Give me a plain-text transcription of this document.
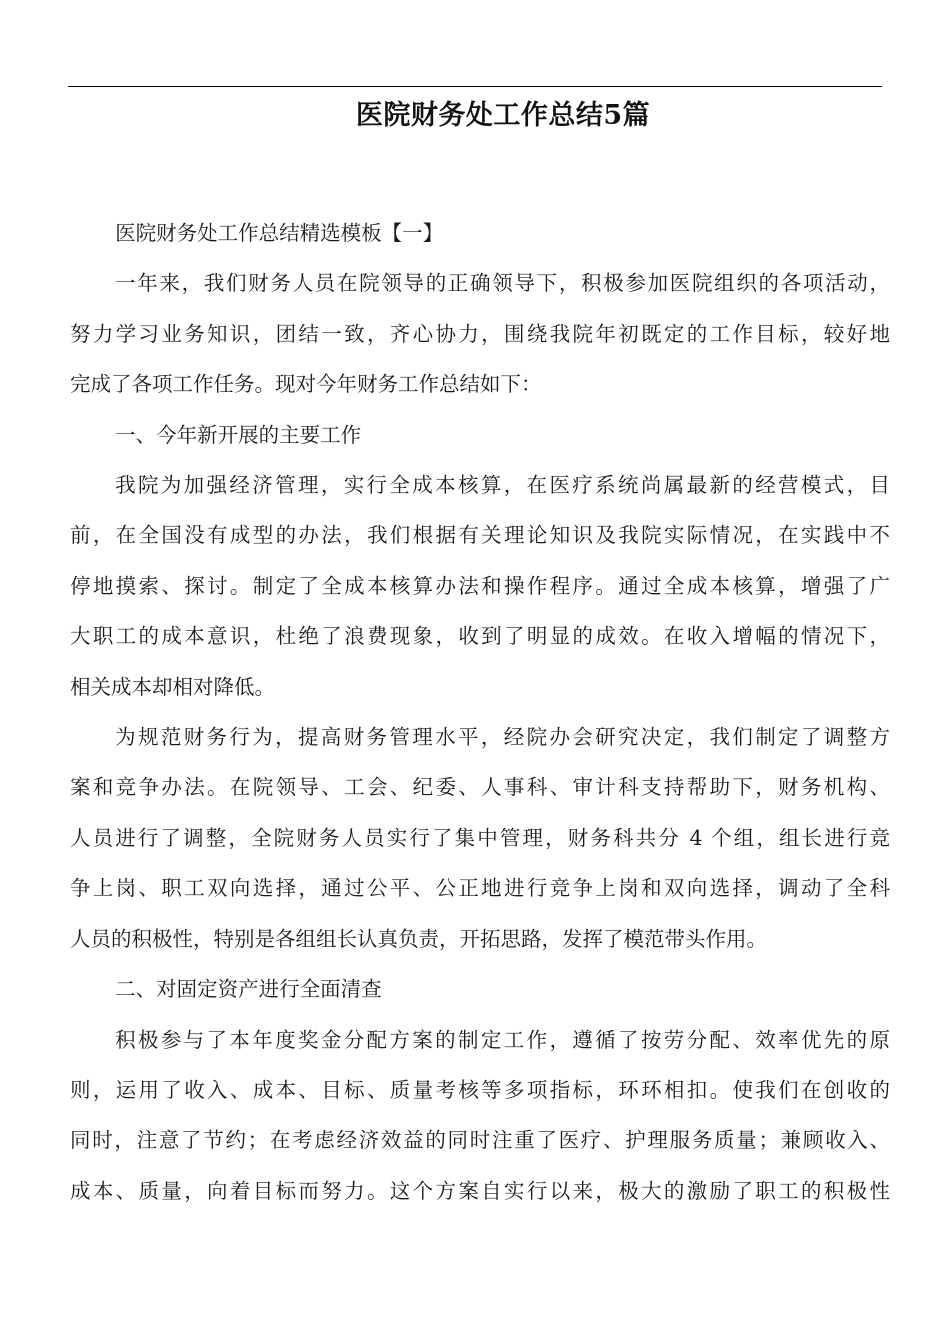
医院财务处工作总结5篇
医院财务处工作总结精选模板【一】
一年来，我们财务人员在院领导的正确领导下，积极参加医院组织的各项活动，
努力学习业务知识，团结一致，齐心协力，围绕我院年初既定的工作目标，较好地
完成了各项工作任务。现对今年财务工作总结如下：
一、今年新开展的主要工作
我院为加强经济管理，实行全成本核算，在医疗系统尚属最新的经营模式，目
前，在全国没有成型的办法，我们根据有关理论知识及我院实际情况，在实践中不
停地摸索、探讨。制定了全成本核算办法和操作程序。通过全成本核算，增强了广
大职工的成本意识，杜绝了浪费现象，收到了明显的成效。在收入增幅的情况下，
相关成本却相对降低。
为规范财务行为，提高财务管理水平，经院办会研究决定，我们制定了调整方
案和竞争办法。在院领导、工会、纪委、人事科、审计科支持帮助下，财务机构、
人员进行了调整，全院财务人员实行了集中管理，财务科共分 4 个组，组长进行竞
争上岗、职工双向选择，通过公平、公正地进行竞争上岗和双向选择，调动了全科
人员的积极性，特别是各组组长认真负责，开拓思路，发挥了模范带头作用。
二、对固定资产进行全面清查
积极参与了本年度奖金分配方案的制定工作，遵循了按劳分配、效率优先的原
则，运用了收入、成本、目标、质量考核等多项指标，环环相扣。使我们在创收的
同时，注意了节约；在考虑经济效益的同时注重了医疗、护理服务质量；兼顾收入、
成本、质量，向着目标而努力。这个方案自实行以来，极大的激励了职工的积极性
